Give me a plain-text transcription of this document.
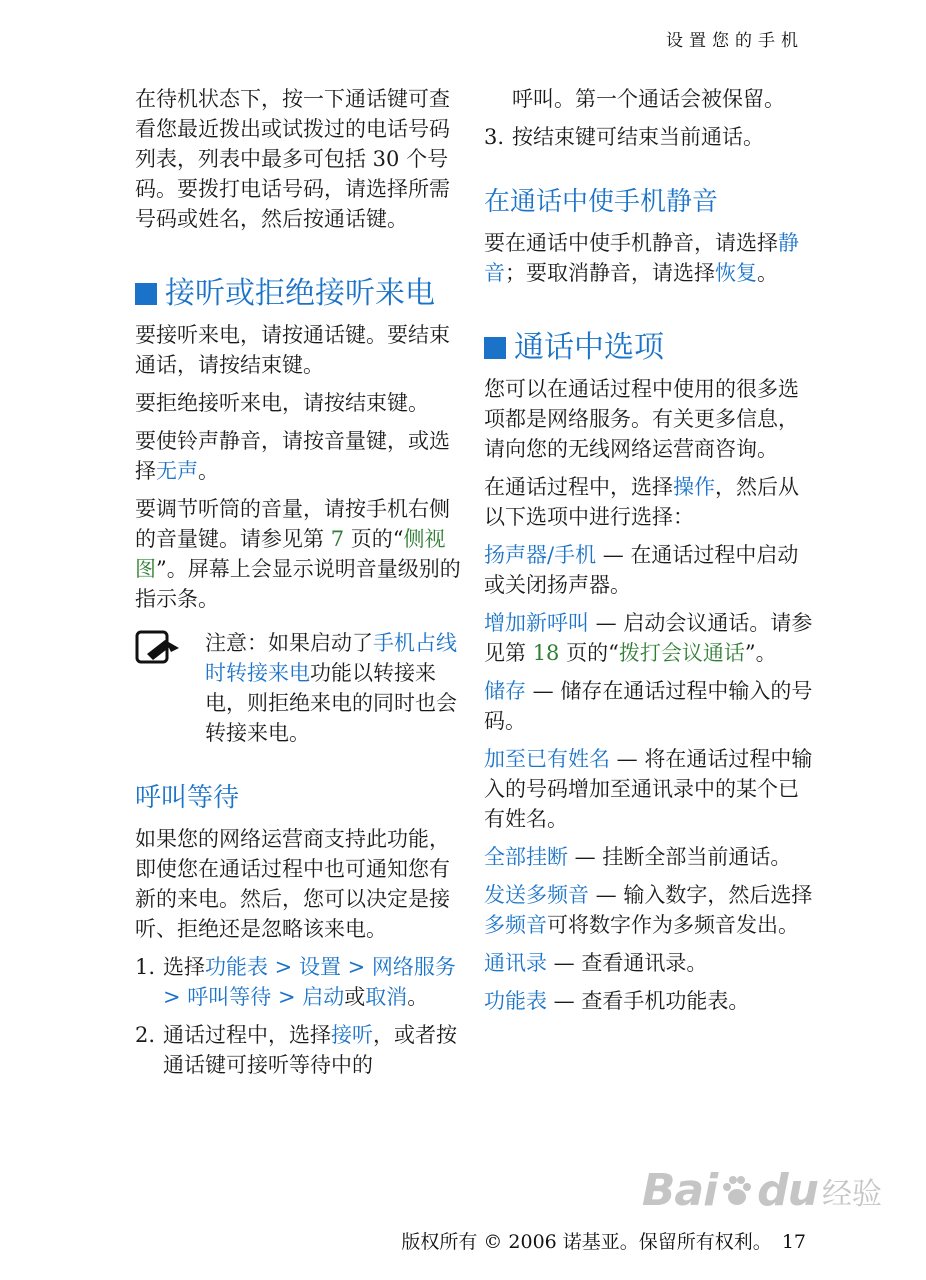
设置您的手机

在待机状态下，按一下通话键可查看您最近拨出或试拨过的电话号码列表，列表中最多可包括 30 个号码。要拨打电话号码，请选择所需号码或姓名，然后按通话键。

接听或拒绝接听来电

要接听来电，请按通话键。要结束通话，请按结束键。

要拒绝接听来电，请按结束键。

要使铃声静音，请按音量键，或选择无声。

要调节听筒的音量，请按手机右侧的音量键。请参见第 7 页的“侧视图”。屏幕上会显示说明音量级别的指示条。

注意：如果启动了手机占线时转接来电功能以转接来电，则拒绝来电的同时也会转接来电。
呼叫等待

如果您的网络运营商支持此功能，即使您在通话过程中也可通知您有新的来电。然后，您可以决定是接听、拒绝还是忽略该来电。

1. 选择功能表 > 设置 > 网络服务 > 呼叫等待 > 启动或取消。
2. 通话过程中，选择接听，或者按通话键可接听等待中的

呼叫。第一个通话会被保留。

3. 按结束键可结束当前通话。
在通话中使手机静音

要在通话中使手机静音，请选择静音；要取消静音，请选择恢复。

通话中选项

您可以在通话过程中使用的很多选项都是网络服务。有关更多信息，请向您的无线网络运营商咨询。

在通话过程中，选择操作，然后从以下选项中进行选择：

扬声器/手机 — 在通话过程中启动或关闭扬声器。

增加新呼叫 — 启动会议通话。请参见第 18 页的“拨打会议通话”。

储存 — 储存在通话过程中输入的号码。

加至已有姓名 — 将在通话过程中输入的号码增加至通讯录中的某个已有姓名。

全部挂断 — 挂断全部当前通话。

发送多频音 — 输入数字，然后选择多频音可将数字作为多频音发出。

通讯录 — 查看通讯录。

功能表 — 查看手机功能表。

Bai du 经验
版权所有 © 2006 诺基亚。保留所有权利。 17
